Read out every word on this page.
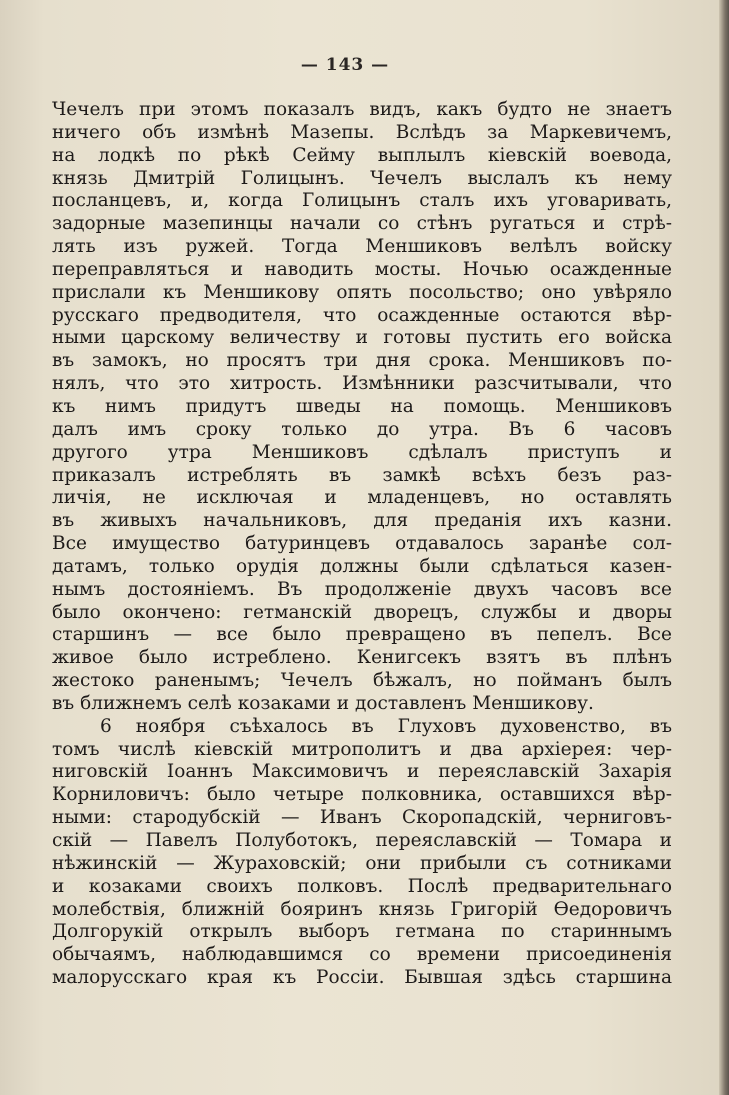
— 143 —
Чечелъ при этомъ показалъ видъ, какъ будто не знаетъ
ничего объ измѣнѣ Мазепы. Вслѣдъ за Маркевичемъ,
на лодкѣ по рѣкѣ Сейму выплылъ кіевскій воевода,
князь Дмитрій Голицынъ. Чечелъ выслалъ къ нему
посланцевъ, и, когда Голицынъ сталъ ихъ уговаривать,
задорные мазепинцы начали со стѣнъ ругаться и стрѣ-
лять изъ ружей. Тогда Меншиковъ велѣлъ войску
переправляться и наводить мосты. Ночью осажденные
прислали къ Меншикову опять посольство; оно увѣряло
русскаго предводителя, что осажденные остаются вѣр-
ными царскому величеству и готовы пустить его войска
въ замокъ, но просятъ три дня срока. Меншиковъ по-
нялъ, что это хитрость. Измѣнники разсчитывали, что
къ нимъ придутъ шведы на помощь. Меншиковъ
далъ имъ сроку только до утра. Въ 6 часовъ
другого утра Меншиковъ сдѣлалъ приступъ и
приказалъ истреблять въ замкѣ всѣхъ безъ раз-
личія, не исключая и младенцевъ, но оставлять
въ живыхъ начальниковъ, для преданія ихъ казни.
Все имущество батуринцевъ отдавалось заранѣе сол-
датамъ, только орудія должны были сдѣлаться казен-
нымъ достояніемъ. Въ продолженіе двухъ часовъ все
было окончено: гетманскій дворецъ, службы и дворы
старшинъ — все было превращено въ пепелъ. Все
живое было истреблено. Кенигсекъ взятъ въ плѣнъ
жестоко раненымъ; Чечелъ бѣжалъ, но пойманъ былъ
въ ближнемъ селѣ козаками и доставленъ Меншикову.
6 ноября съѣхалось въ Глуховъ духовенство, въ
томъ числѣ кіевскій митрополитъ и два архіерея: чер-
ниговскій Іоаннъ Максимовичъ и переяславскій Захарія
Корниловичъ: было четыре полковника, оставшихся вѣр-
ными: стародубскій — Иванъ Скоропадскій, черниговъ-
скій — Павелъ Полуботокъ, переяславскій — Томара и
нѣжинскій — Жураховскій; они прибыли съ сотниками
и козаками своихъ полковъ. Послѣ предварительнаго
молебствія, ближній бояринъ князь Григорій Ѳедоровичъ
Долгорукій открылъ выборъ гетмана по стариннымъ
обычаямъ, наблюдавшимся со времени присоединенія
малорусскаго края къ Россіи. Бывшая здѣсь старшина
